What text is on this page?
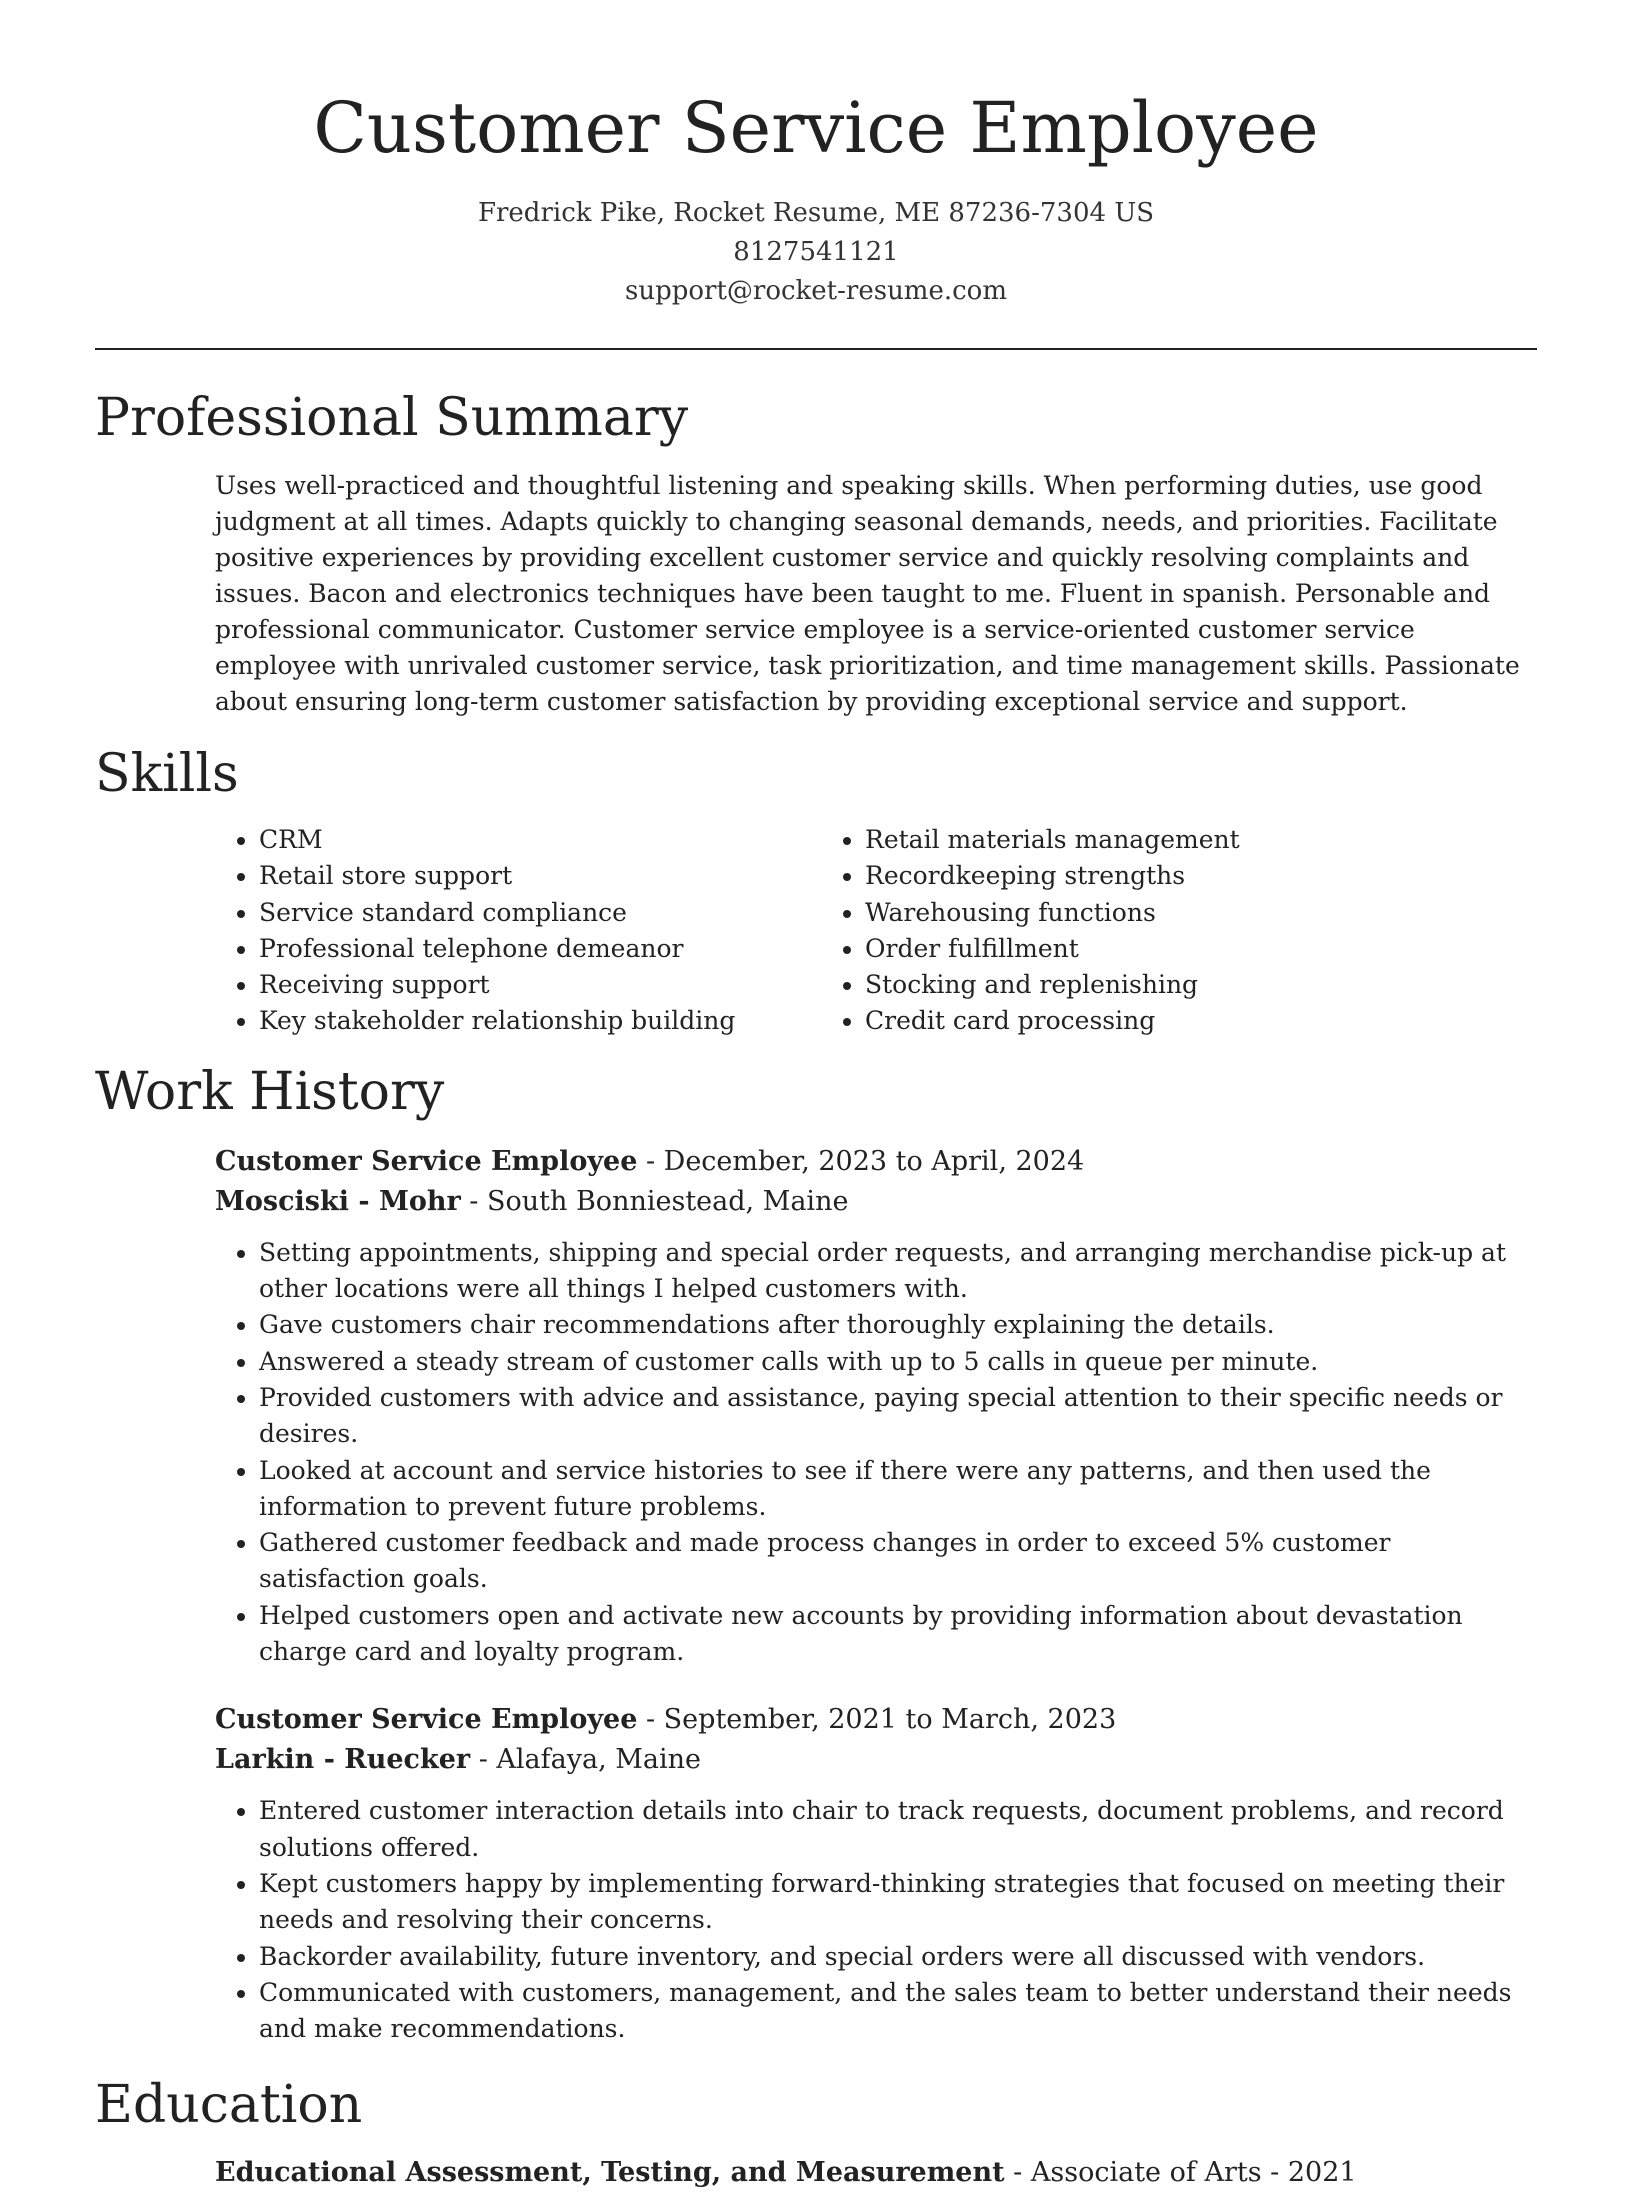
Customer Service Employee
Fredrick Pike, Rocket Resume, ME 87236-7304 US
8127541121
support@rocket-resume.com
Professional Summary

Uses well-practiced and thoughtful listening and speaking skills. When performing duties, use good judgment at all times. Adapts quickly to changing seasonal demands, needs, and priorities. Facilitate positive experiences by providing excellent customer service and quickly resolving complaints and issues. Bacon and electronics techniques have been taught to me. Fluent in spanish. Personable and professional communicator. Customer service employee is a service-oriented customer service employee with unrivaled customer service, task prioritization, and time management skills. Passionate about ensuring long-term customer satisfaction by providing exceptional service and support.

Skills
• CRM
• Retail store support
• Service standard compliance
• Professional telephone demeanor
• Receiving support
• Key stakeholder relationship building
• Retail materials management
• Recordkeeping strengths
• Warehousing functions
• Order fulfillment
• Stocking and replenishing
• Credit card processing
Work History
Customer Service Employee - December, 2023 to April, 2024
Mosciski - Mohr - South Bonniestead, Maine
• Setting appointments, shipping and special order requests, and arranging merchandise pick-up at other locations were all things I helped customers with.
• Gave customers chair recommendations after thoroughly explaining the details.
• Answered a steady stream of customer calls with up to 5 calls in queue per minute.
• Provided customers with advice and assistance, paying special attention to their specific needs or desires.
• Looked at account and service histories to see if there were any patterns, and then used the information to prevent future problems.
• Gathered customer feedback and made process changes in order to exceed 5% customer satisfaction goals.
• Helped customers open and activate new accounts by providing information about devastation charge card and loyalty program.
Customer Service Employee - September, 2021 to March, 2023
Larkin - Ruecker - Alafaya, Maine
• Entered customer interaction details into chair to track requests, document problems, and record solutions offered.
• Kept customers happy by implementing forward-thinking strategies that focused on meeting their needs and resolving their concerns.
• Backorder availability, future inventory, and special orders were all discussed with vendors.
• Communicated with customers, management, and the sales team to better understand their needs and make recommendations.
Education
Educational Assessment, Testing, and Measurement - Associate of Arts - 2021
